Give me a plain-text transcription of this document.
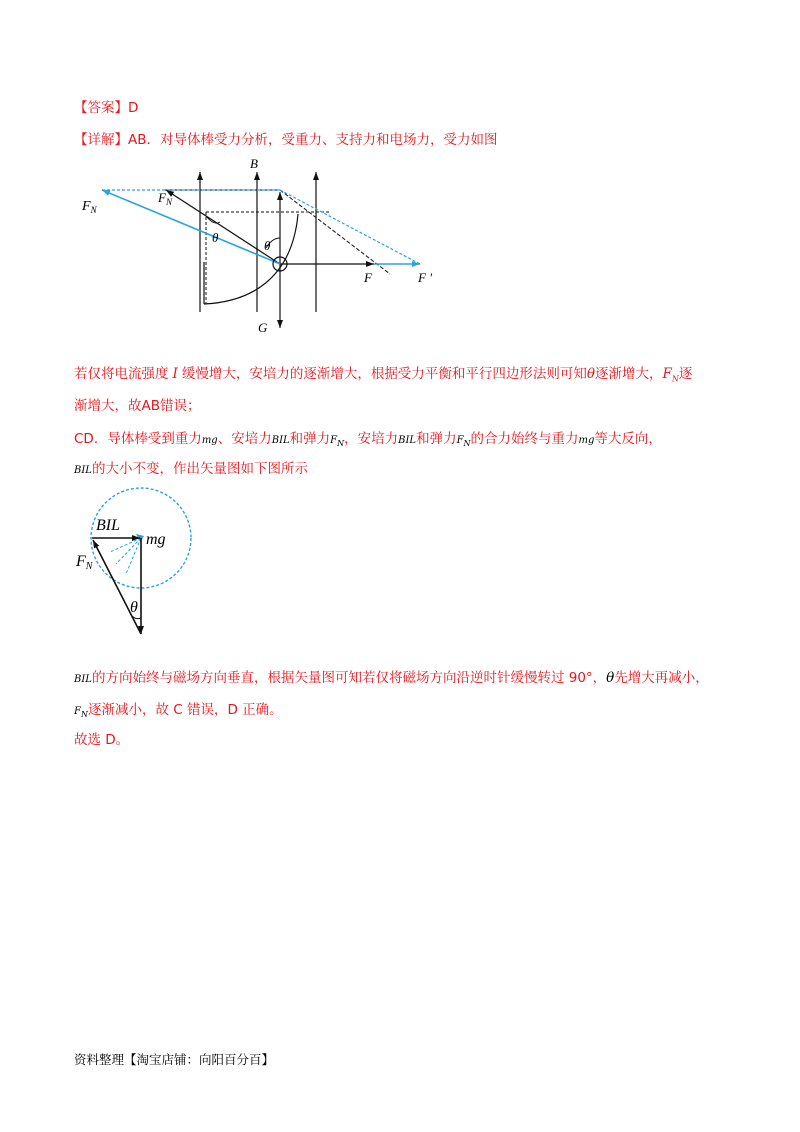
【答案】D
【详解】AB．对导体棒受力分析，受重力、支持力和电场力，受力如图
B
$F_N$
$F_N$
θ
θ
F	F '
G
若仅将电流强度 I 缓慢增大，安培力的逐渐增大，根据受力平衡和平行四边形法则可知θ逐渐增大，$F_N$逐
渐增大，故AB错误；
CD．导体棒受到重力mg、安培力BIL和弹力$F_N$，安培力BIL和弹力$F_N$的合力始终与重力mg等大反向，
BIL的大小不变，作出矢量图如下图所示
BIL
mg
FN
θ
BIL的方向始终与磁场方向垂直，根据矢量图可知若仅将磁场方向沿逆时针缓慢转过 90°，θ先增大再减小，
$F_N$逐渐减小，故 C 错误，D 正确。
故选 D。
资料整理【淘宝店铺：向阳百分百】
